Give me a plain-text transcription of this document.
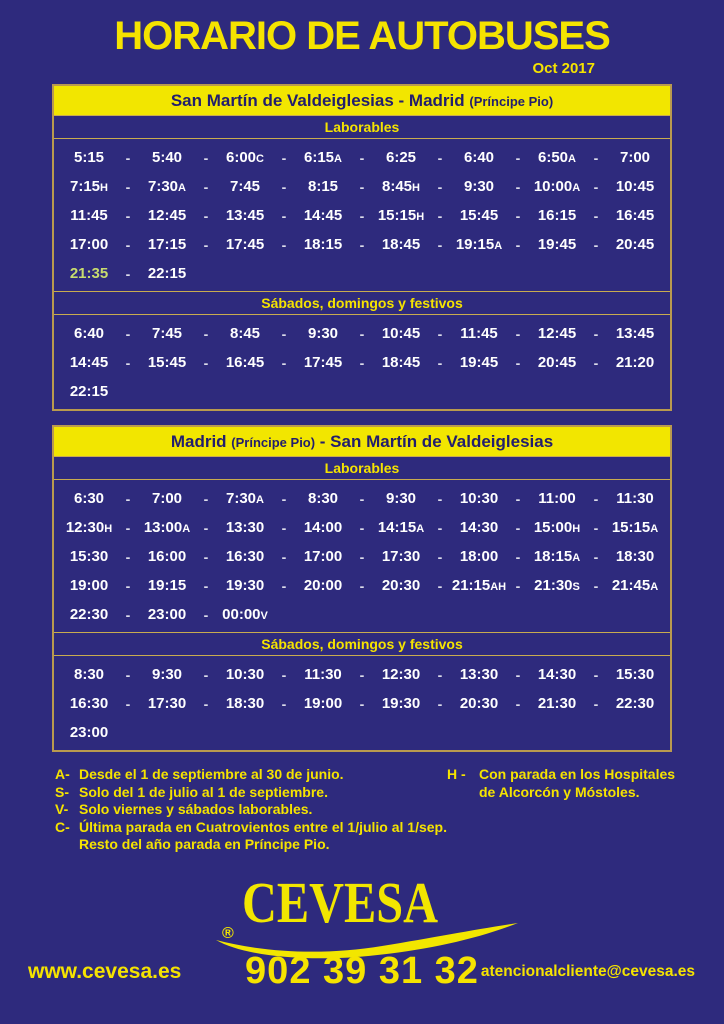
HORARIO DE AUTOBUSES
Oct 2017
San Martín de Valdeiglesias - Madrid (Príncipe Pio)
Laborables
5:15	-	5:40	-	6:00C	-	6:15A	-	6:25	-	6:40	-	6:50A	-	7:00
7:15H	-	7:30A	-	7:45	-	8:15	-	8:45H	-	9:30	- 10:00A -	10:45
11:45	-	12:45	-	13:45	-	14:45	- 15:15H -	15:45	-	16:15	-	16:45
17:00	-	17:15	-	17:45	-	18:15	-	18:45	- 19:15A -	19:45	-	20:45
21:35	-	22:15
Sábados, domingos y festivos
6:40	-	7:45	-	8:45	-	9:30	-	10:45	-	11:45	-	12:45	-	13:45
14:45	-	15:45	-	16:45	-	17:45	-	18:45	-	19:45	-	20:45	-	21:20
22:15
Madrid (Príncipe Pio) - San Martín de Valdeiglesias
Laborables
6:30	-	7:00	-	7:30A	-	8:30	-	9:30	-	10:30	-	11:00	-	11:30
12:30H - 13:00A -	13:30	-	14:00	- 14:15A -	14:30	- 15:00H - 15:15A
15:30	-	16:00	-	16:30	-	17:00	-	17:30	-	18:00	- 18:15A -	18:30
19:00	-	19:15	-	19:30	-	20:00	-	20:30	- 21:15AH - 21:30S - 21:45A
22:30	-	23:00	- 00:00V
Sábados, domingos y festivos
8:30	-	9:30	-	10:30	-	11:30	-	12:30	-	13:30	-	14:30	-	15:30
16:30	-	17:30	-	18:30	-	19:00	-	19:30	-	20:30	-	21:30	-	22:30
23:00
A- Desde el 1 de septiembre al 30 de junio.
S- Solo del 1 de julio al 1 de septiembre.
V- Solo viernes y sábados laborables.
C- Última parada en Cuatrovientos entre el 1/julio al 1/sep.
Resto del año parada en Príncipe Pio.
H - Con parada en los Hospitales
de Alcorcón y Móstoles.
® CEVESA
www.cevesa.es 902 39 31 32 atencionalcliente@cevesa.es
